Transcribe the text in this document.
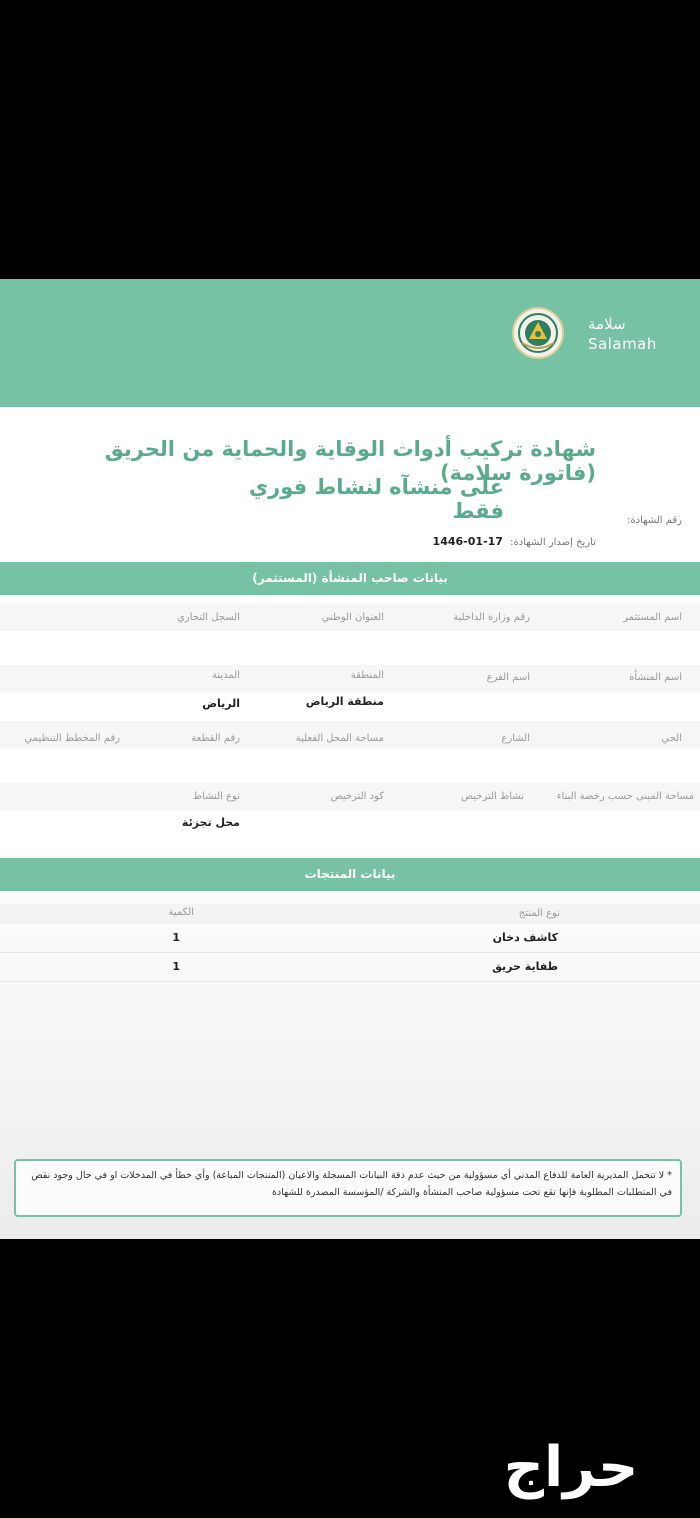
سلامة
Salamah
شهادة تركيب أدوات الوقاية والحماية من الحريق (فاتورة سلامة)
على منشآه لنشاط فوري فقط	رقم الشهادة:
تاريخ إصدار الشهادة: 17-01-1446
بيانات صاحب المنشأة (المستثمر)
اسم المستثمر
رقم وزارة الداخلية
العنوان الوطني
السجل التجاري
اسم المنشأة
اسم الفرع
المنطقة
المدينة
منطقة الرياض
الرياض
الحي
الشارع
مساحة المحل الفعلية
رقم القطعة
رقم المخطط التنظيمي
مساحة المبنى حسب رخصة البناء
نشاط الترخيص
كود الترخيص
نوع النشاط
محل تجزئة
بيانات المنتجات
نوع المنتج
الكمية
كاشف دخان
1
طفاية حريق
1
* لا تتحمل المديرية العامة للدفاع المدني أي مسؤولية من حيث عدم دقة البيانات المسجلة والاعيان (المنتجات المباعة) وأي خطأ في المدخلات او في حال وجود نقص في المتطلبات المطلوبة فإنها تقع تحت مسؤولية صاحب المنشأة والشركة /المؤسسة المصدرة للشهادة
حراج
